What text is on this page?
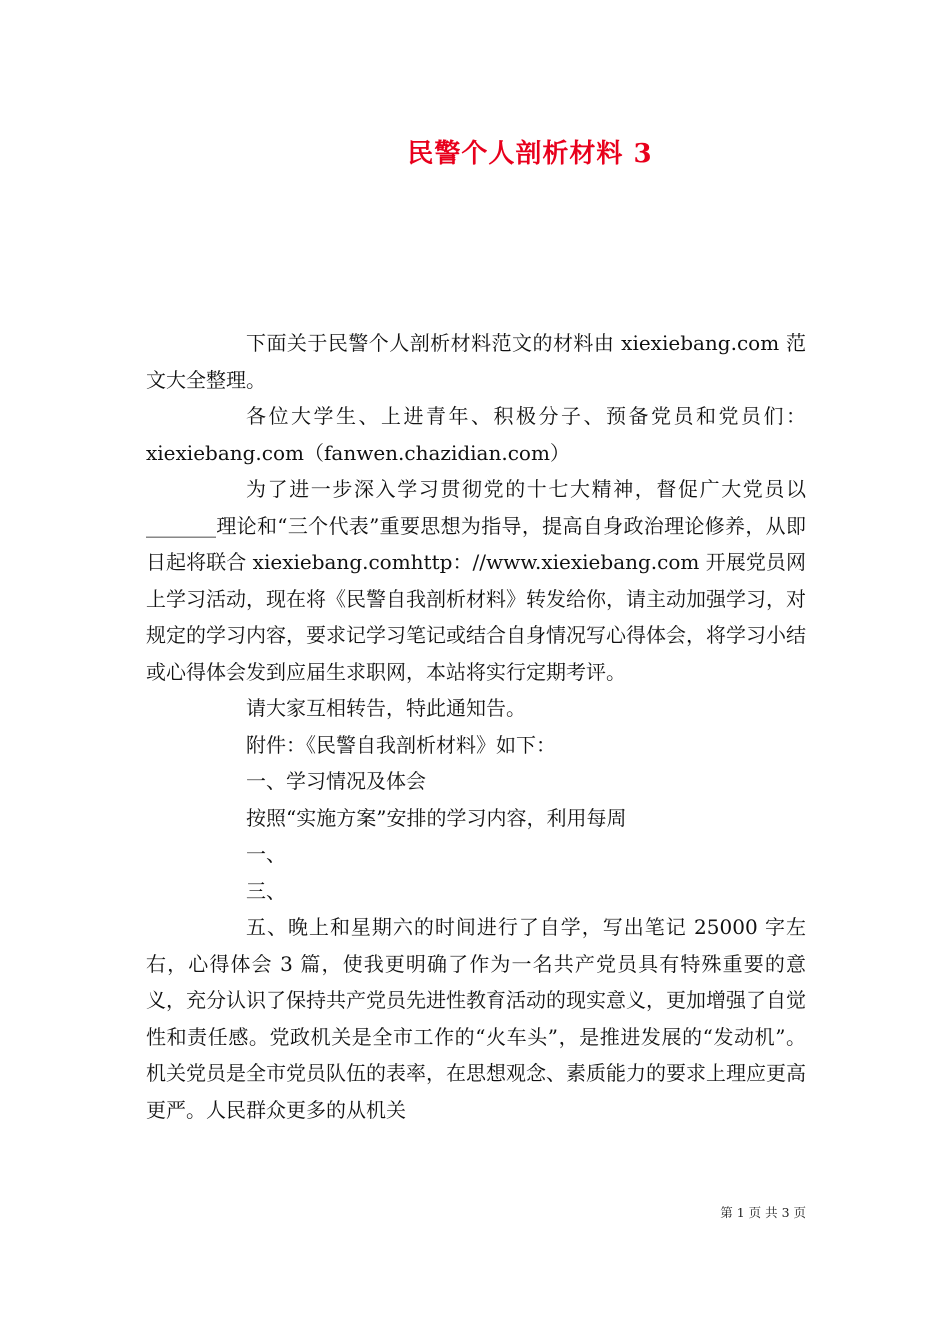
民警个人剖析材料 3

下面关于民警个人剖析材料范文的材料由 xiexiebang.com 范文大全整理。

各位大学生、上进青年、积极分子、预备党员和党员们：xiexiebang.com（fanwen.chazidian.com）

为了进一步深入学习贯彻党的十七大精神，督促广大党员以_______理论和“三个代表”重要思想为指导，提高自身政治理论修养，从即日起将联合 xiexiebang.comhttp：//www.xiexiebang.com 开展党员网上学习活动，现在将《民警自我剖析材料》转发给你，请主动加强学习，对规定的学习内容，要求记学习笔记或结合自身情况写心得体会，将学习小结或心得体会发到应届生求职网，本站将实行定期考评。

请大家互相转告，特此通知告。

附件：《民警自我剖析材料》如下：

一、学习情况及体会

按照“实施方案”安排的学习内容，利用每周

一、

三、

五、晚上和星期六的时间进行了自学，写出笔记 25000 字左右，心得体会 3 篇，使我更明确了作为一名共产党员具有特殊重要的意义，充分认识了保持共产党员先进性教育活动的现实意义，更加增强了自觉性和责任感。党政机关是全市工作的“火车头”，是推进发展的“发动机”。机关党员是全市党员队伍的表率，在思想观念、素质能力的要求上理应更高更严。人民群众更多的从机关

第 1 页 共 3 页
